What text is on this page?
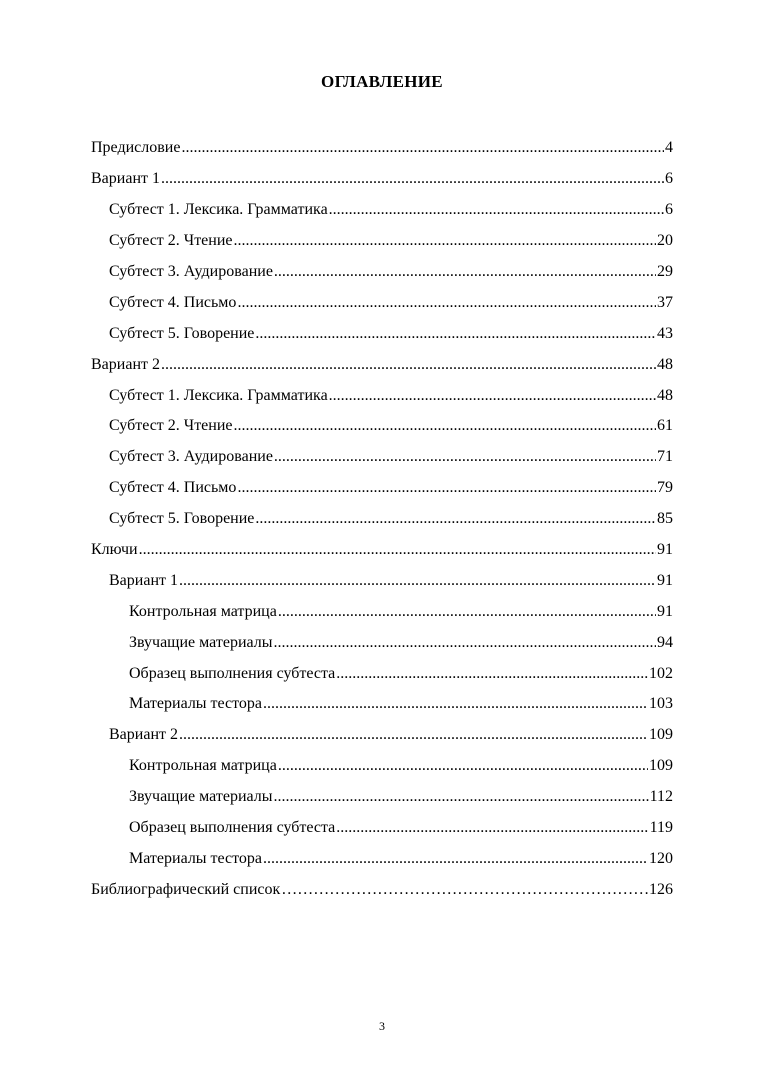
ОГЛАВЛЕНИЕ
Предисловие .....	4
Вариант 1 .....	6
Субтест 1. Лексика. Грамматика .....	6
Субтест 2. Чтение .....	20
Субтест 3. Аудирование .....	29
Субтест 4. Письмо .....	37
Субтест 5. Говорение .....	43
Вариант 2 .....	48
Субтест 1. Лексика. Грамматика .....	48
Субтест 2. Чтение .....	61
Субтест 3. Аудирование .....	71
Субтест 4. Письмо .....	79
Субтест 5. Говорение .....	85
Ключи .....	91
Вариант 1 .....	91
Контрольная матрица .....	91
Звучащие материалы .....	94
Образец выполнения субтеста .....	102
Материалы тестора .....	103
Вариант 2 .....	109
Контрольная матрица .....	109
Звучащие материалы .....	112
Образец выполнения субтеста .....	119
Материалы тестора .....	120
Библиографический список …………………………………………………………………………………………………………………………………	126
3
